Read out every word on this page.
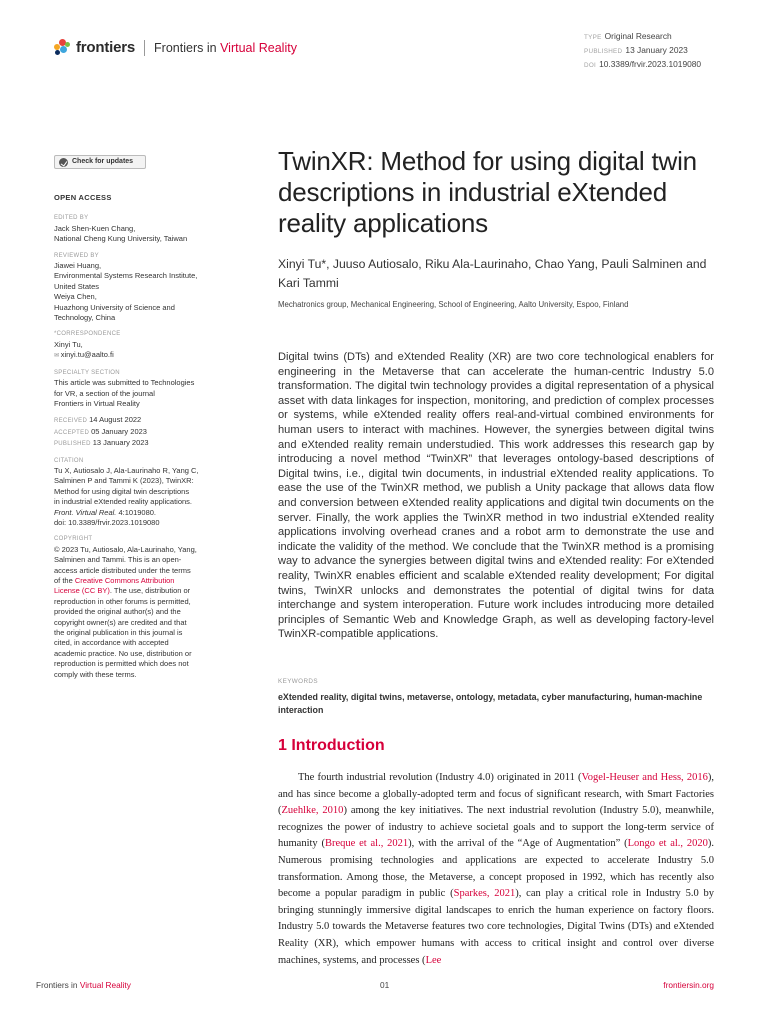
frontiers Frontiers in Virtual Reality
TYPE Original Research
PUBLISHED 13 January 2023
DOI 10.3389/frvir.2023.1019080
Check for updates
OPEN ACCESS
EDITED BY
Jack Shen-Kuen Chang,
National Cheng Kung University, Taiwan
REVIEWED BY
Jiawei Huang,
Environmental Systems Research Institute,
United States
Weiya Chen,
Huazhong University of Science and
Technology, China
*CORRESPONDENCE
Xinyi Tu,
✉ xinyi.tu@aalto.fi
SPECIALTY SECTION
This article was submitted to Technologies
for VR, a section of the journal
Frontiers in Virtual Reality
RECEIVED 14 August 2022
ACCEPTED 05 January 2023
PUBLISHED 13 January 2023
CITATION
Tu X, Autiosalo J, Ala-Laurinaho R, Yang C,
Salminen P and Tammi K (2023), TwinXR:
Method for using digital twin descriptions
in industrial eXtended reality applications.
Front. Virtual Real. 4:1019080.
doi: 10.3389/frvir.2023.1019080
COPYRIGHT
© 2023 Tu, Autiosalo, Ala-Laurinaho, Yang,
Salminen and Tammi. This is an open-
access article distributed under the terms
of the Creative Commons Attribution
License (CC BY). The use, distribution or
reproduction in other forums is permitted,
provided the original author(s) and the
copyright owner(s) are credited and that
the original publication in this journal is
cited, in accordance with accepted
academic practice. No use, distribution or
reproduction is permitted which does not
comply with these terms.
TwinXR: Method for using digital twin descriptions in industrial eXtended reality applications
Xinyi Tu*, Juuso Autiosalo, Riku Ala-Laurinaho, Chao Yang, Pauli Salminen and Kari Tammi
Mechatronics group, Mechanical Engineering, School of Engineering, Aalto University, Espoo, Finland

Digital twins (DTs) and eXtended Reality (XR) are two core technological enablers for engineering in the Metaverse that can accelerate the human-centric Industry 5.0 transformation. The digital twin technology provides a digital representation of a physical asset with data linkages for inspection, monitoring, and prediction of complex processes or systems, while eXtended reality offers real-and-virtual combined environments for human users to interact with machines. However, the synergies between digital twins and eXtended reality remain understudied. This work addresses this research gap by introducing a novel method “TwinXR” that leverages ontology-based descriptions of Digital twins, i.e., digital twin documents, in industrial eXtended reality applications. To ease the use of the TwinXR method, we publish a Unity package that allows data flow and conversion between eXtended reality applications and digital twin documents on the server. Finally, the work applies the TwinXR method in two industrial eXtended reality applications involving overhead cranes and a robot arm to demonstrate the use and indicate the validity of the method. We conclude that the TwinXR method is a promising way to advance the synergies between digital twins and eXtended reality: For eXtended reality, TwinXR enables efficient and scalable eXtended reality development; For digital twins, TwinXR unlocks and demonstrates the potential of digital twins for data interchange and system interoperation. Future work includes introducing more detailed principles of Semantic Web and Knowledge Graph, as well as developing factory-level TwinXR-compatible applications.

KEYWORDS
eXtended reality, digital twins, metaverse, ontology, metadata, cyber manufacturing, human-machine interaction
1 Introduction

The fourth industrial revolution (Industry 4.0) originated in 2011 (Vogel-Heuser and Hess, 2016), and has since become a globally-adopted term and focus of significant research, with Smart Factories (Zuehlke, 2010) among the key initiatives. The next industrial revolution (Industry 5.0), meanwhile, recognizes the power of industry to achieve societal goals and to support the long-term service of humanity (Breque et al., 2021), with the arrival of the “Age of Augmentation” (Longo et al., 2020). Numerous promising technologies and applications are expected to accelerate Industry 5.0 transformation. Among those, the Metaverse, a concept proposed in 1992, which has recently also become a popular paradigm in public (Sparkes, 2021), can play a critical role in Industry 5.0 by bringing stunningly immersive digital landscapes to enrich the human experience on factory floors. Industry 5.0 towards the Metaverse features two core technologies, Digital Twins (DTs) and eXtended Reality (XR), which empower humans with access to critical insight and control over diverse machines, systems, and processes (Lee

Frontiers in Virtual Reality	01	frontiersin.org
